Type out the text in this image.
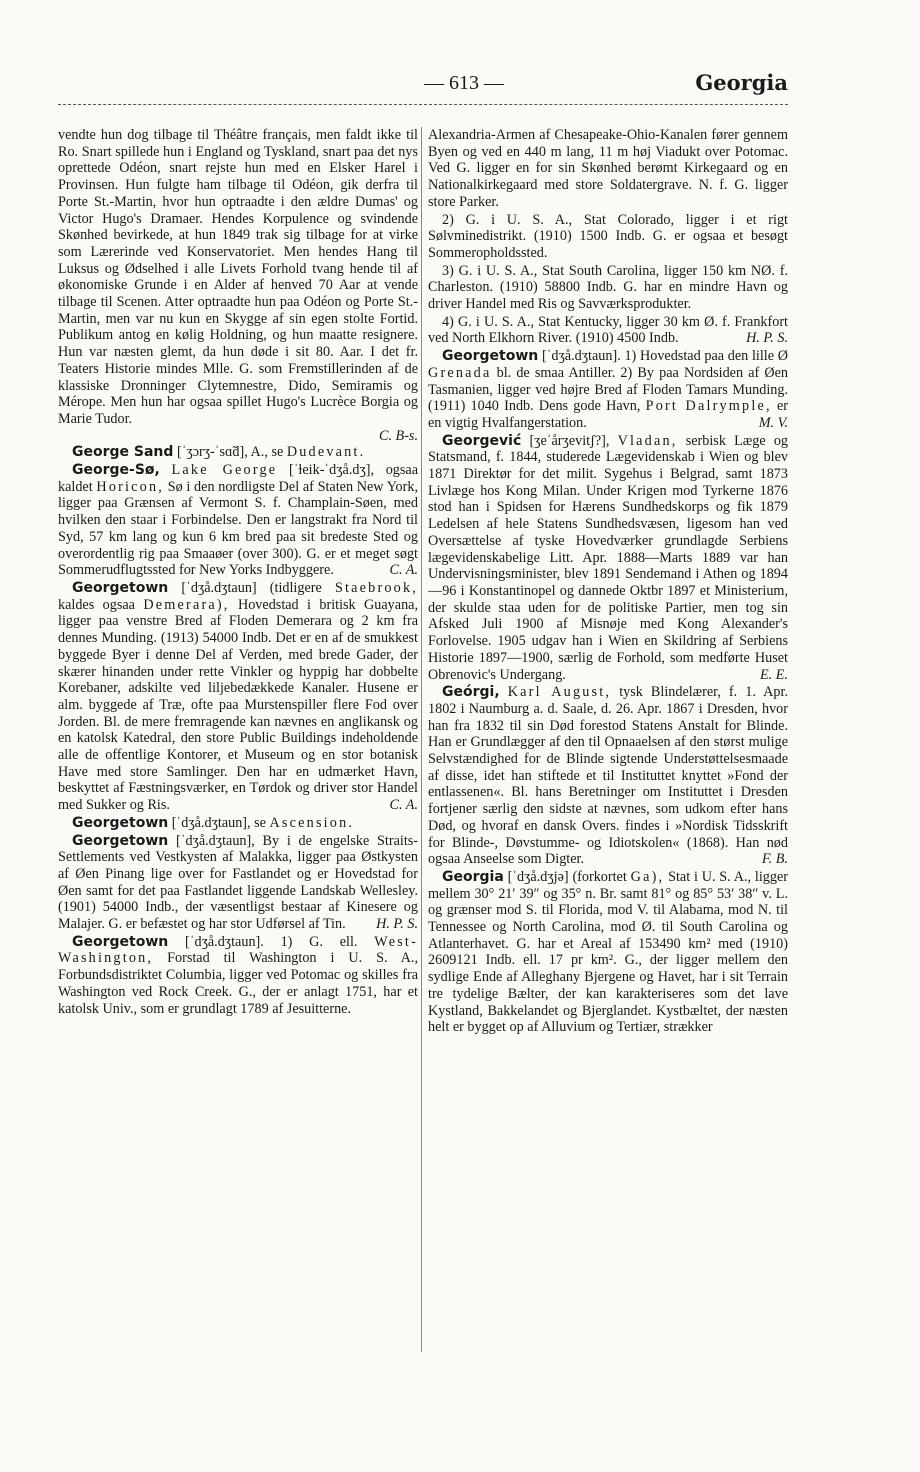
— 613 —	Georgia

vendte hun dog tilbage til Théâtre français, men faldt ikke til Ro. Snart spillede hun i England og Tyskland, snart paa det nys oprettede Odéon, snart rejste hun med en Elsker Harel i Provinsen. Hun fulgte ham tilbage til Odéon, gik derfra til Porte St.-Martin, hvor hun optraadte i den ældre Dumas' og Victor Hugo's Dramaer. Hendes Korpulence og svindende Skønhed bevirkede, at hun 1849 trak sig tilbage for at virke som Lærerinde ved Konservatoriet. Men hendes Hang til Luksus og Ødselhed i alle Livets Forhold tvang hende til af økonomiske Grunde i en Alder af henved 70 Aar at vende tilbage til Scenen. Atter optraadte hun paa Odéon og Porte St.-Martin, men var nu kun en Skygge af sin egen stolte Fortid. Publikum antog en kølig Holdning, og hun maatte resignere. Hun var næsten glemt, da hun døde i sit 80. Aar. I det fr. Teaters Historie mindes Mlle. G. som Fremstillerinden af de klassiske Dronninger Clytemnestre, Dido, Semiramis og Mérope. Men hun har ogsaa spillet Hugo's Lucrèce Borgia og Marie Tudor.

C. B-s.

George Sand [ˈʒɔrʒ-ˈsɑ̃d], A., se Dudevant.

George-Sø, Lake George [ˈɫeik-ˈdʒå.dʒ], ogsaa kaldet Horicon, Sø i den nordligste Del af Staten New York, ligger paa Grænsen af Vermont S. f. Champlain-Søen, med hvilken den staar i Forbindelse. Den er langstrakt fra Nord til Syd, 57 km lang og kun 6 km bred paa sit bredeste Sted og overordentlig rig paa Smaaøer (over 300). G. er et meget søgt Sommerudflugtssted for New Yorks Indbyggere.	C. A.

Georgetown [ˈdʒå.dʒtaun] (tidligere Staebrook, kaldes ogsaa Demerara), Hovedstad i britisk Guayana, ligger paa venstre Bred af Floden Demerara og 2 km fra dennes Munding. (1913) 54000 Indb. Det er en af de smukkest byggede Byer i denne Del af Verden, med brede Gader, der skærer hinanden under rette Vinkler og hyppig har dobbelte Korebaner, adskilte ved liljebedækkede Kanaler. Husene er alm. byggede af Træ, ofte paa Murstenspiller flere Fod over Jorden. Bl. de mere fremragende kan nævnes en anglikansk og en katolsk Katedral, den store Public Buildings indeholdende alle de offentlige Kontorer, et Museum og en stor botanisk Have med store Samlinger. Den har en udmærket Havn, beskyttet af Fæstningsværker, en Tørdok og driver stor Handel med Sukker og Ris.	C. A.

Georgetown [ˈdʒå.dʒtaun], se Ascension.

Georgetown [ˈdʒå.dʒtaun], By i de engelske Straits-Settlements ved Vestkysten af Malakka, ligger paa Østkysten af Øen Pinang lige over for Fastlandet og er Hovedstad for Øen samt for det paa Fastlandet liggende Landskab Wellesley. (1901) 54000 Indb., der væsentligst bestaar af Kinesere og Malajer. G. er befæstet og har stor Udførsel af Tin.	H. P. S.

Georgetown [ˈdʒå.dʒtaun]. 1) G. ell. West-Washington, Forstad til Washington i U. S. A., Forbundsdistriktet Columbia, ligger ved Potomac og skilles fra Washington ved Rock Creek. G., der er anlagt 1751, har et katolsk Univ., som er grundlagt 1789 af Jesuitterne.

Alexandria-Armen af Chesapeake-Ohio-Kanalen fører gennem Byen og ved en 440 m lang, 11 m høj Viadukt over Potomac. Ved G. ligger en for sin Skønhed berømt Kirkegaard og en Nationalkirkegaard med store Soldatergrave. N. f. G. ligger store Parker.

2) G. i U. S. A., Stat Colorado, ligger i et rigt Sølvminedistrikt. (1910) 1500 Indb. G. er ogsaa et besøgt Sommeropholdssted.

3) G. i U. S. A., Stat South Carolina, ligger 150 km NØ. f. Charleston. (1910) 58800 Indb. G. har en mindre Havn og driver Handel med Ris og Savværksprodukter.

4) G. i U. S. A., Stat Kentucky, ligger 30 km Ø. f. Frankfort ved North Elkhorn River. (1910) 4500 Indb.	H. P. S.

Georgetown [ˈdʒå.dʒtaun]. 1) Hovedstad paa den lille Ø Grenada bl. de smaa Antiller. 2) By paa Nordsiden af Øen Tasmanien, ligger ved højre Bred af Floden Tamars Munding. (1911) 1040 Indb. Dens gode Havn, Port Dalrymple, er en vigtig Hvalfangerstation.	M. V.

Georgević [ʒeˈårʒevitʃ?], Vladan, serbisk Læge og Statsmand, f. 1844, studerede Lægevidenskab i Wien og blev 1871 Direktør for det milit. Sygehus i Belgrad, samt 1873 Livlæge hos Kong Milan. Under Krigen mod Tyrkerne 1876 stod han i Spidsen for Hærens Sundhedskorps og fik 1879 Ledelsen af hele Statens Sundhedsvæsen, ligesom han ved Oversættelse af tyske Hovedværker grundlagde Serbiens lægevidenskabelige Litt. Apr. 1888—Marts 1889 var han Undervisningsminister, blev 1891 Sendemand i Athen og 1894—96 i Konstantinopel og dannede Oktbr 1897 et Ministerium, der skulde staa uden for de politiske Partier, men tog sin Afsked Juli 1900 af Misnøje med Kong Alexander's Forlovelse. 1905 udgav han i Wien en Skildring af Serbiens Historie 1897—1900, særlig de Forhold, som medførte Huset Obrenovic's Undergang.	E. E.

Geórgi, Karl August, tysk Blindelærer, f. 1. Apr. 1802 i Naumburg a. d. Saale, d. 26. Apr. 1867 i Dresden, hvor han fra 1832 til sin Død forestod Statens Anstalt for Blinde. Han er Grundlægger af den til Opnaaelsen af den størst mulige Selvstændighed for de Blinde sigtende Understøttelsesmaade af disse, idet han stiftede et til Instituttet knyttet »Fond der entlassenen«. Bl. hans Beretninger om Instituttet i Dresden fortjener særlig den sidste at nævnes, som udkom efter hans Død, og hvoraf en dansk Overs. findes i »Nordisk Tidsskrift for Blinde-, Døvstumme- og Idiotskolen« (1868). Han nød ogsaa Anseelse som Digter.	F. B.

Georgia [ˈdʒå.dʒjə] (forkortet Ga), Stat i U. S. A., ligger mellem 30° 21′ 39″ og 35° n. Br. samt 81° og 85° 53′ 38″ v. L. og grænser mod S. til Florida, mod V. til Alabama, mod N. til Tennessee og North Carolina, mod Ø. til South Carolina og Atlanterhavet. G. har et Areal af 153490 km² med (1910) 2609121 Indb. ell. 17 pr km². G., der ligger mellem den sydlige Ende af Alleghany Bjergene og Havet, har i sit Terrain tre tydelige Bælter, der kan karakteriseres som det lave Kystland, Bakkelandet og Bjerglandet. Kystbæltet, der næsten helt er bygget op af Alluvium og Tertiær, strækker
